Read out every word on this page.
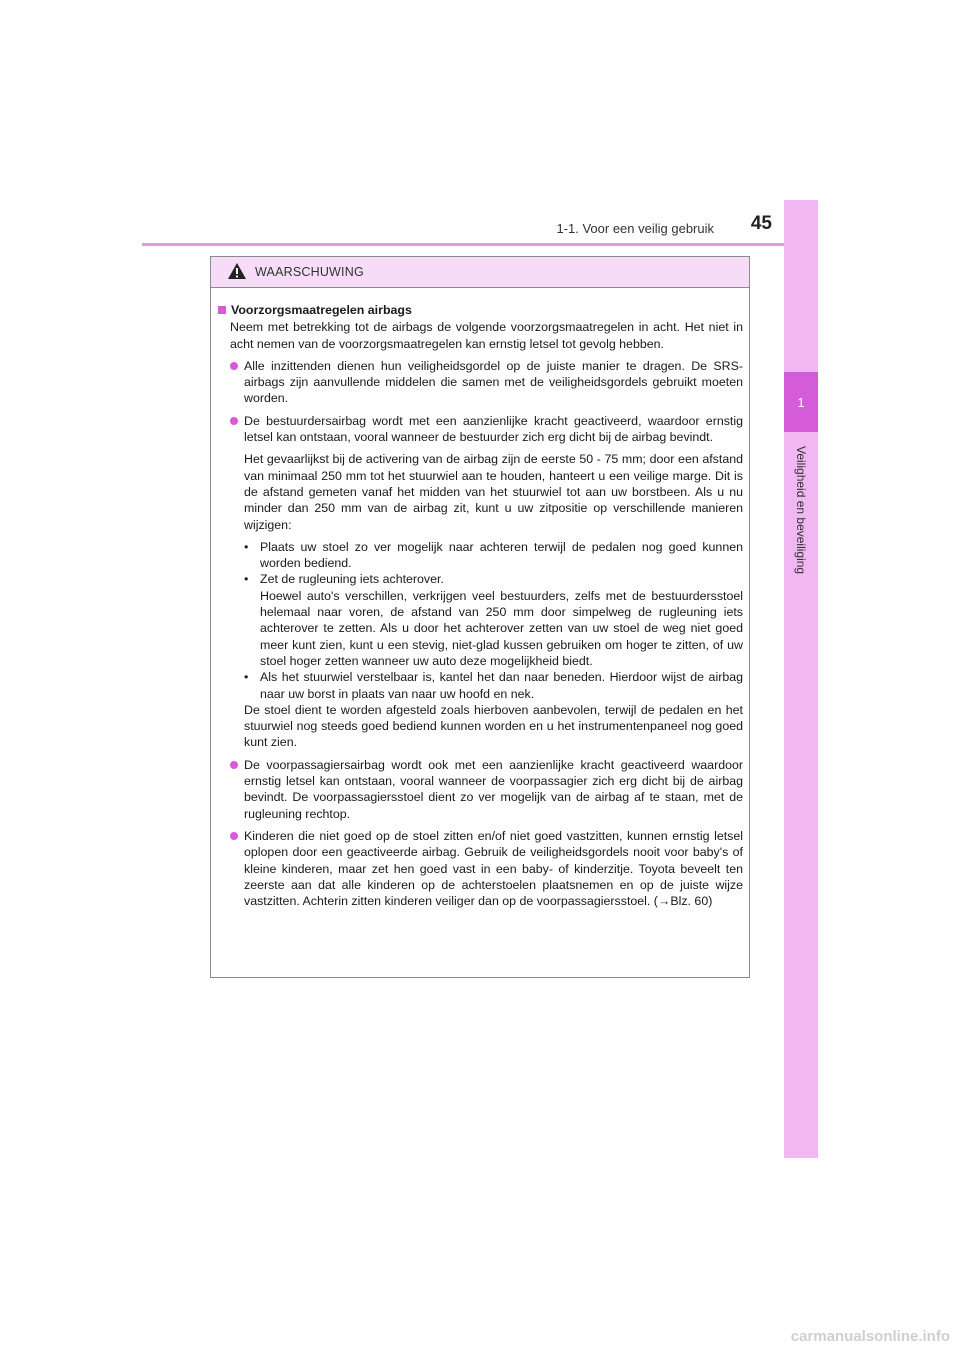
1-1. Voor een veilig gebruik	45
1
Veiligheid en beveiliging
WAARSCHUWING
Voorzorgsmaatregelen airbags
Neem met betrekking tot de airbags de volgende voorzorgsmaatregelen in acht. Het niet in acht nemen van de voorzorgsmaatregelen kan ernstig letsel tot gevolg hebben.
Alle inzittenden dienen hun veiligheidsgordel op de juiste manier te dragen. De SRS-airbags zijn aanvullende middelen die samen met de veiligheidsgordels gebruikt moeten worden.
De bestuurdersairbag wordt met een aanzienlijke kracht geactiveerd, waardoor ernstig letsel kan ontstaan, vooral wanneer de bestuurder zich erg dicht bij de airbag bevindt.
Het gevaarlijkst bij de activering van de airbag zijn de eerste 50 - 75 mm; door een afstand van minimaal 250 mm tot het stuurwiel aan te houden, hanteert u een veilige marge. Dit is de afstand gemeten vanaf het midden van het stuurwiel tot aan uw borstbeen. Als u nu minder dan 250 mm van de airbag zit, kunt u uw zitpositie op verschillende manieren wijzigen:
• Plaats uw stoel zo ver mogelijk naar achteren terwijl de pedalen nog goed kunnen worden bediend.
• Zet de rugleuning iets achterover.
Hoewel auto's verschillen, verkrijgen veel bestuurders, zelfs met de bestuurdersstoel helemaal naar voren, de afstand van 250 mm door simpelweg de rugleuning iets achterover te zetten. Als u door het achterover zetten van uw stoel de weg niet goed meer kunt zien, kunt u een stevig, niet-glad kussen gebruiken om hoger te zitten, of uw stoel hoger zetten wanneer uw auto deze mogelijkheid biedt.
• Als het stuurwiel verstelbaar is, kantel het dan naar beneden. Hierdoor wijst de airbag naar uw borst in plaats van naar uw hoofd en nek.
De stoel dient te worden afgesteld zoals hierboven aanbevolen, terwijl de pedalen en het stuurwiel nog steeds goed bediend kunnen worden en u het instrumentenpaneel nog goed kunt zien.
De voorpassagiersairbag wordt ook met een aanzienlijke kracht geactiveerd waardoor ernstig letsel kan ontstaan, vooral wanneer de voorpassagier zich erg dicht bij de airbag bevindt. De voorpassagiersstoel dient zo ver mogelijk van de airbag af te staan, met de rugleuning rechtop.
Kinderen die niet goed op de stoel zitten en/of niet goed vastzitten, kunnen ernstig letsel oplopen door een geactiveerde airbag. Gebruik de veiligheidsgordels nooit voor baby's of kleine kinderen, maar zet hen goed vast in een baby- of kinderzitje. Toyota beveelt ten zeerste aan dat alle kinderen op de achterstoelen plaatsnemen en op de juiste wijze vastzitten. Achterin zitten kinderen veiliger dan op de voorpassagiersstoel. (→Blz. 60)
carmanualsonline.info
